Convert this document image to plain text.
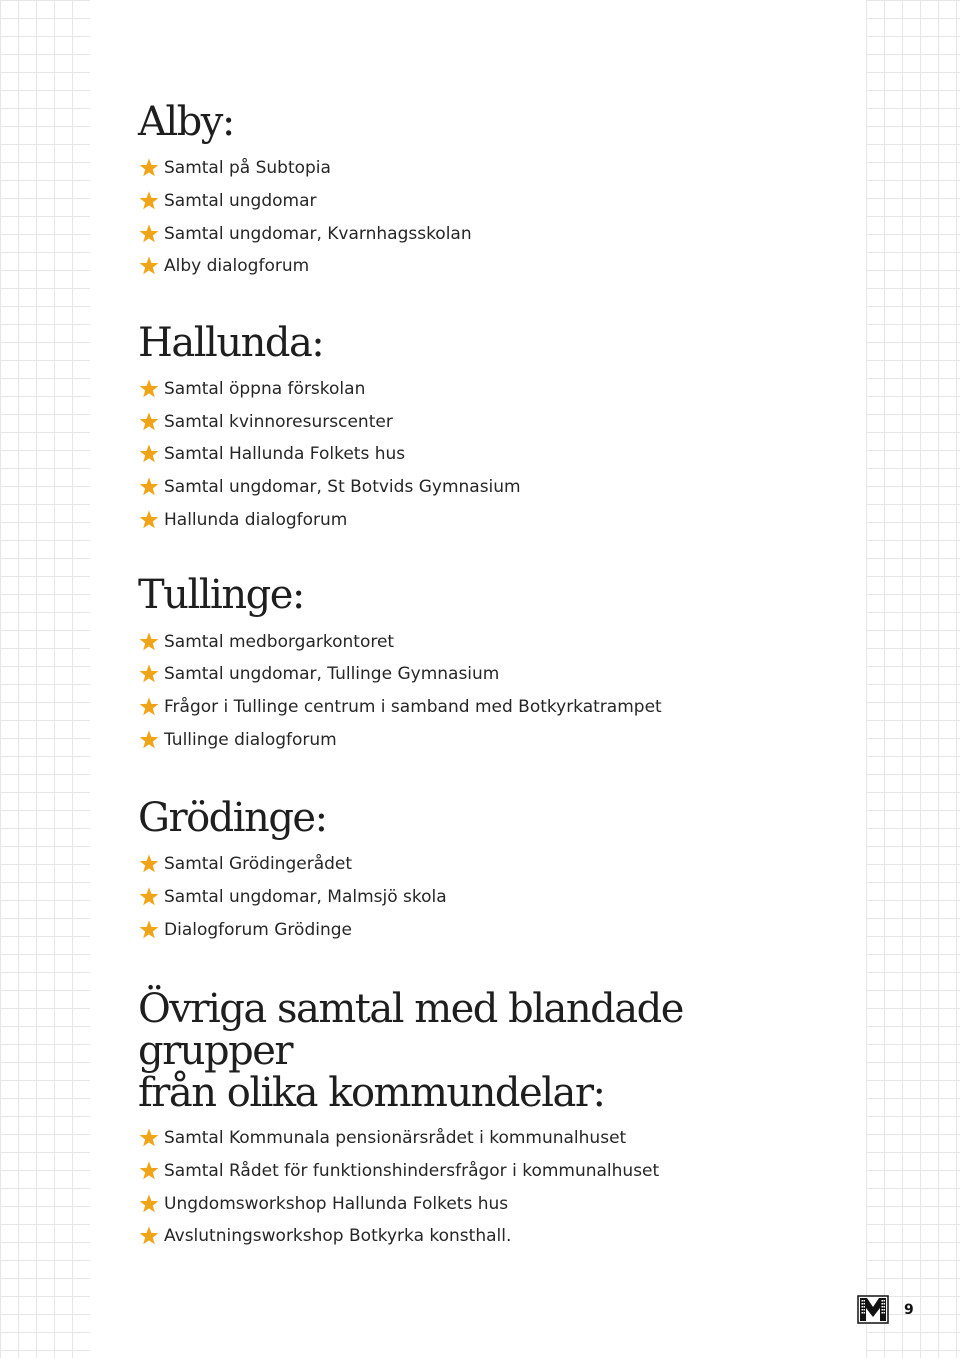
Alby:
Samtal på Subtopia
Samtal ungdomar
Samtal ungdomar, Kvarnhagsskolan
Alby dialogforum
Hallunda:
Samtal öppna förskolan
Samtal kvinnoresurscenter
Samtal Hallunda Folkets hus
Samtal ungdomar, St Botvids Gymnasium
Hallunda dialogforum
Tullinge:
Samtal medborgarkontoret
Samtal ungdomar, Tullinge Gymnasium
Frågor i Tullinge centrum i samband med Botkyrkatrampet
Tullinge dialogforum
Grödinge:
Samtal Grödingerådet
Samtal ungdomar, Malmsjö skola
Dialogforum Grödinge
Övriga samtal med blandade grupper
från olika kommundelar:
Samtal Kommunala pensionärsrådet i kommunalhuset
Samtal Rådet för funktionshindersfrågor i kommunalhuset
Ungdomsworkshop Hallunda Folkets hus
Avslutningsworkshop Botkyrka konsthall.
9
